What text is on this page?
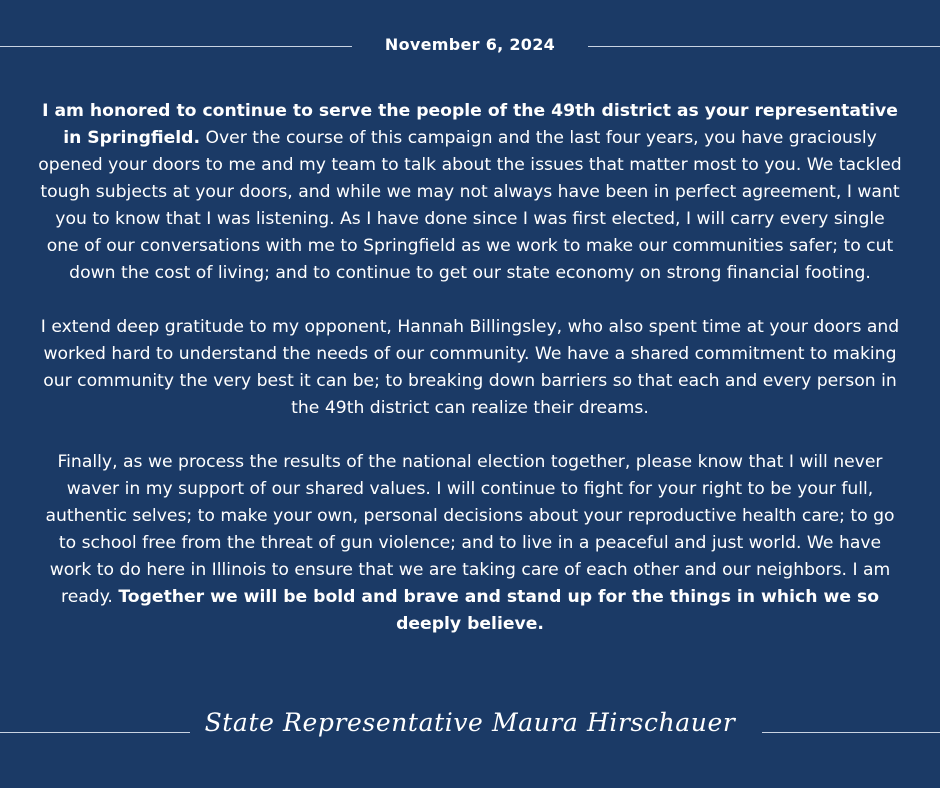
November 6, 2024

I am honored to continue to serve the people of the 49th district as your representative in Springfield. Over the course of this campaign and the last four years, you have graciously opened your doors to me and my team to talk about the issues that matter most to you. We tackled tough subjects at your doors, and while we may not always have been in perfect agreement, I want you to know that I was listening. As I have done since I was first elected, I will carry every single one of our conversations with me to Springfield as we work to make our communities safer; to cut down the cost of living; and to continue to get our state economy on strong financial footing.

I extend deep gratitude to my opponent, Hannah Billingsley, who also spent time at your doors and worked hard to understand the needs of our community. We have a shared commitment to making our community the very best it can be; to breaking down barriers so that each and every person in the 49th district can realize their dreams.

Finally, as we process the results of the national election together, please know that I will never waver in my support of our shared values. I will continue to fight for your right to be your full, authentic selves; to make your own, personal decisions about your reproductive health care; to go to school free from the threat of gun violence; and to live in a peaceful and just world. We have work to do here in Illinois to ensure that we are taking care of each other and our neighbors. I am ready. Together we will be bold and brave and stand up for the things in which we so deeply believe.

State Representative Maura Hirschauer
